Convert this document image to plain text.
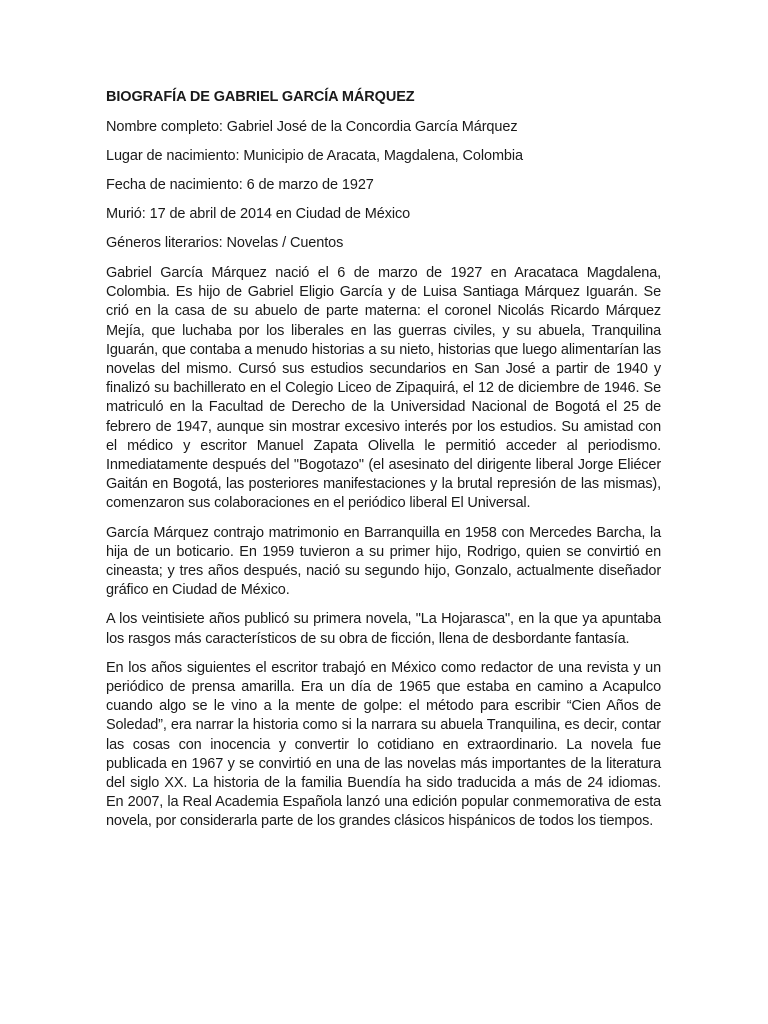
BIOGRAFÍA DE GABRIEL GARCÍA MÁRQUEZ
Nombre completo: Gabriel José de la Concordia García Márquez
Lugar de nacimiento: Municipio de Aracata, Magdalena, Colombia
Fecha de nacimiento: 6 de marzo de 1927
Murió: 17 de abril de 2014 en Ciudad de México
Géneros literarios: Novelas / Cuentos

Gabriel García Márquez nació el 6 de marzo de 1927 en Aracataca Magdalena, Colombia. Es hijo de Gabriel Eligio García y de Luisa Santiaga Márquez Iguarán. Se crió en la casa de su abuelo de parte materna: el coronel Nicolás Ricardo Márquez Mejía, que luchaba por los liberales en las guerras civiles, y su abuela, Tranquilina Iguarán, que contaba a menudo historias a su nieto, historias que luego alimentarían las novelas del mismo. Cursó sus estudios secundarios en San José a partir de 1940 y finalizó su bachillerato en el Colegio Liceo de Zipaquirá, el 12 de diciembre de 1946. Se matriculó en la Facultad de Derecho de la Universidad Nacional de Bogotá el 25 de febrero de 1947, aunque sin mostrar excesivo interés por los estudios. Su amistad con el médico y escritor Manuel Zapata Olivella le permitió acceder al periodismo. Inmediatamente después del "Bogotazo" (el asesinato del dirigente liberal Jorge Eliécer Gaitán en Bogotá, las posteriores manifestaciones y la brutal represión de las mismas), comenzaron sus colaboraciones en el periódico liberal El Universal.

García Márquez contrajo matrimonio en Barranquilla en 1958 con Mercedes Barcha, la hija de un boticario. En 1959 tuvieron a su primer hijo, Rodrigo, quien se convirtió en cineasta; y tres años después, nació su segundo hijo, Gonzalo, actualmente diseñador gráfico en Ciudad de México.

A los veintisiete años publicó su primera novela, "La Hojarasca", en la que ya apuntaba los rasgos más característicos de su obra de ficción, llena de desbordante fantasía.

En los años siguientes el escritor trabajó en México como redactor de una revista y un periódico de prensa amarilla. Era un día de 1965 que estaba en camino a Acapulco cuando algo se le vino a la mente de golpe: el método para escribir “Cien Años de Soledad”, era narrar la historia como si la narrara su abuela Tranquilina, es decir, contar las cosas con inocencia y convertir lo cotidiano en extraordinario. La novela fue publicada en 1967 y se convirtió en una de las novelas más importantes de la literatura del siglo XX. La historia de la familia Buendía ha sido traducida a más de 24 idiomas. En 2007, la Real Academia Española lanzó una edición popular conmemorativa de esta novela, por considerarla parte de los grandes clásicos hispánicos de todos los tiempos.
